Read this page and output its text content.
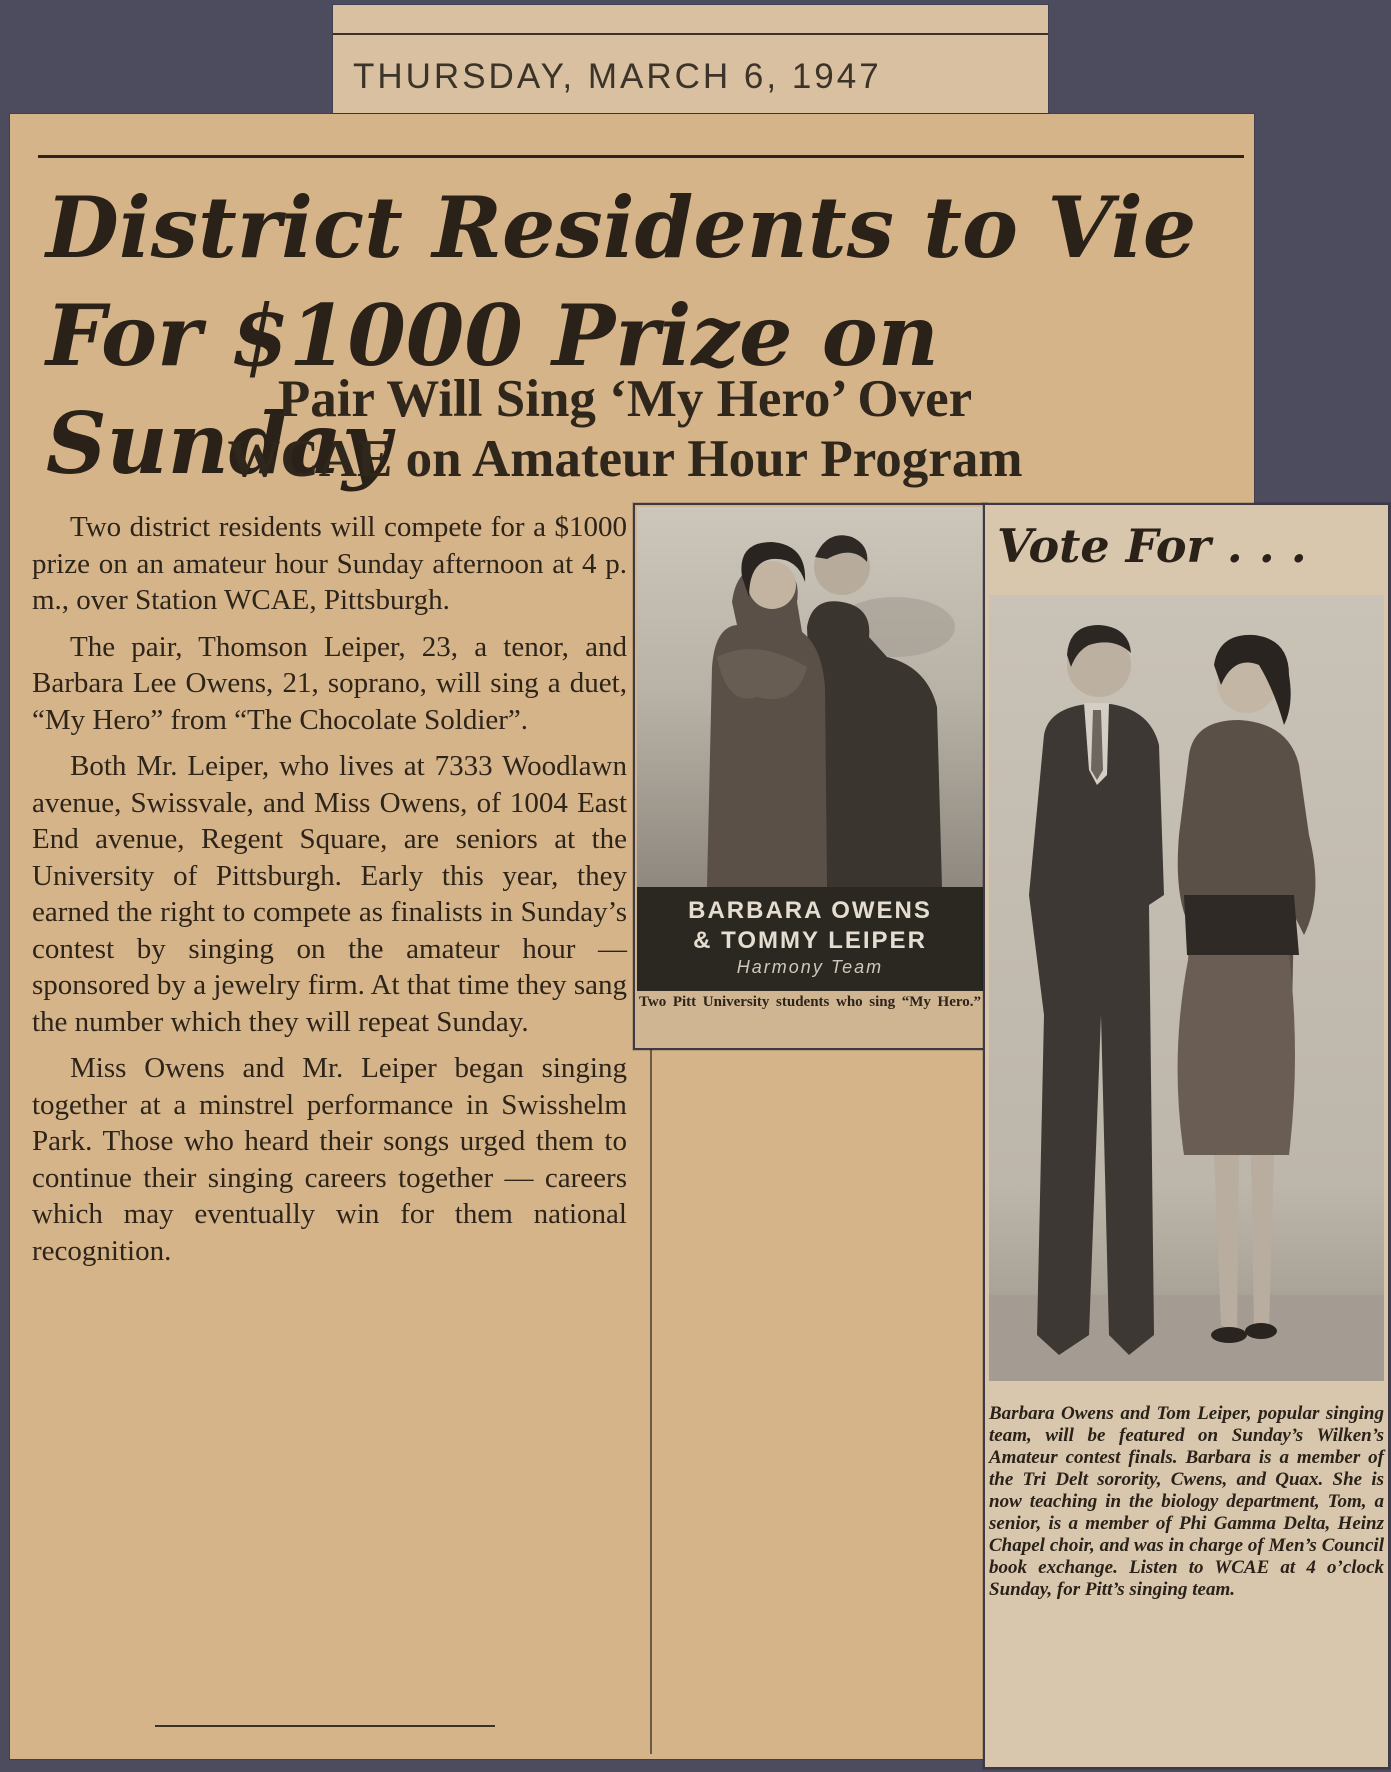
THURSDAY, MARCH 6, 1947
District Residents to Vie
For $1000 Prize on Sunday
Pair Will Sing ‘My Hero’ Over
WCAE on Amateur Hour Program

Two district residents will compete for a $1000 prize on an amateur hour Sunday afternoon at 4 p. m., over Station WCAE, Pittsburgh.

The pair, Thomson Leiper, 23, a tenor, and Barbara Lee Owens, 21, soprano, will sing a duet, “My Hero” from “The Chocolate Soldier”.

Both Mr. Leiper, who lives at 7333 Woodlawn avenue, Swissvale, and Miss Owens, of 1004 East End avenue, Regent Square, are seniors at the University of Pittsburgh. Early this year, they earned the right to compete as finalists in Sunday’s contest by singing on the amateur hour — sponsored by a jewelry firm. At that time they sang the number which they will repeat Sunday.

Miss Owens and Mr. Leiper began singing together at a minstrel performance in Swisshelm Park. Those who heard their songs urged them to continue their singing careers together — careers which may eventually win for them national recognition.

BARBARA OWENS
& TOMMY LEIPER
Harmony Team
Two Pitt University students who sing “My Hero.”
Vote For . . .
Barbara Owens and Tom Leiper, popular singing team, will be featured on Sunday’s Wilken’s Amateur contest finals. Barbara is a member of the Tri Delt sorority, Cwens, and Quax. She is now teaching in the biology department, Tom, a senior, is a member of Phi Gamma Delta, Heinz Chapel choir, and was in charge of Men’s Council book exchange. Listen to WCAE at 4 o’clock Sunday, for Pitt’s singing team.
